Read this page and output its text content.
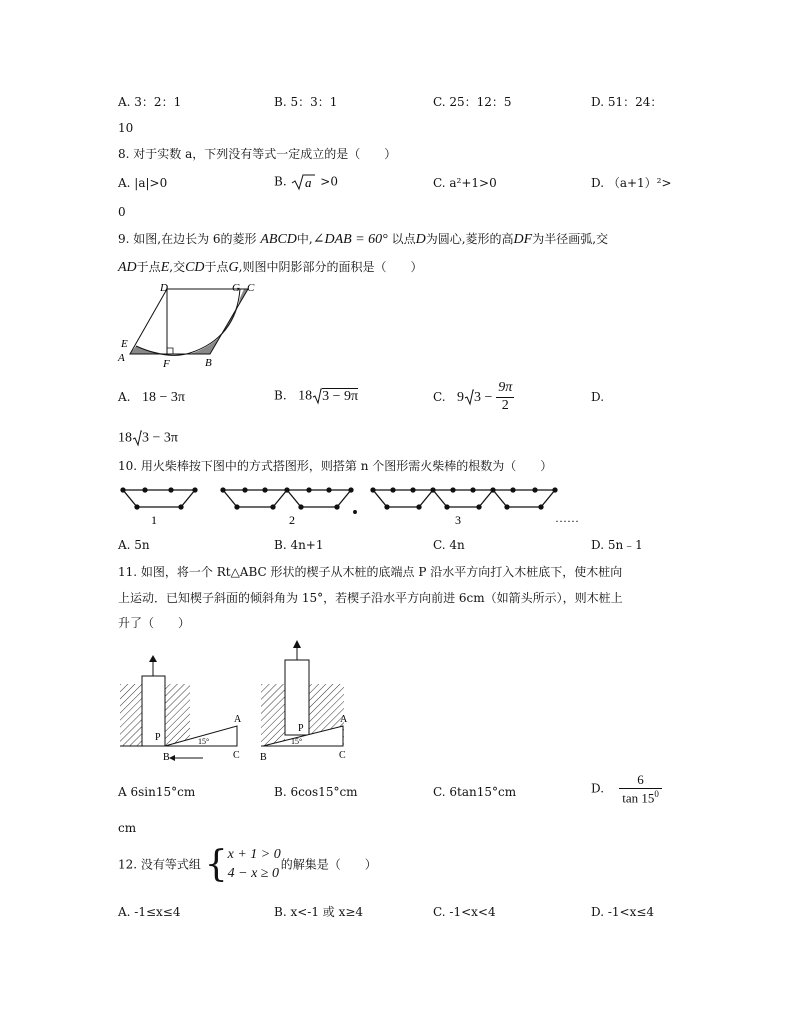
A. 3：2：1	B. 5：3：1	C. 25：12：5	D. 51：24：
10
8. 对于实数 a，下列没有等式一定成立的是（　　）
A. |a|>0	B. a >0	C. a²+1>0	D. （a+1）²>
0
9. 如图,在边长为 6的菱形 ABCD中,∠DAB = 60° 以点D为圆心,菱形的高DF为半径画弧,交
AD于点E,交CD于点G,则图中阴影部分的面积是（　　）
D	G C
E
A	F	B
A. 18 − 3π	B. 18 3 − 9π	C. 9 $3 - \frac{9\pi}{2}$	D.
18 3 − 3π
10. 用火柴棒按下图中的方式搭图形，则搭第 n 个图形需火柴棒的根数为（　　）
1	2	3	……
A. 5n	B. 4n+1	C. 4n	D. 5n﹣1
11. 如图，将一个 Rt△ABC 形状的楔子从木桩的底端点 P 沿水平方向打入木桩底下，使木桩向
上运动．已知楔子斜面的倾斜角为 15°，若楔子沿水平方向前进 6cm（如箭头所示），则木桩上
升了（　　）
P
A
B	C
15°
P
A
B	C
15°
A 6sin15°cm	B. 6cos15°cm	C. 6tan15°cm	D. $\frac{6}{\tan 15^0}$
cm
12. 没有等式组 { x + 1 > 0
4 − x ≥ 0
的解集是（　　）
A. -1≤x≤4	B. x<-1 或 x≥4	C. -1<x<4	D. -1<x≤4
